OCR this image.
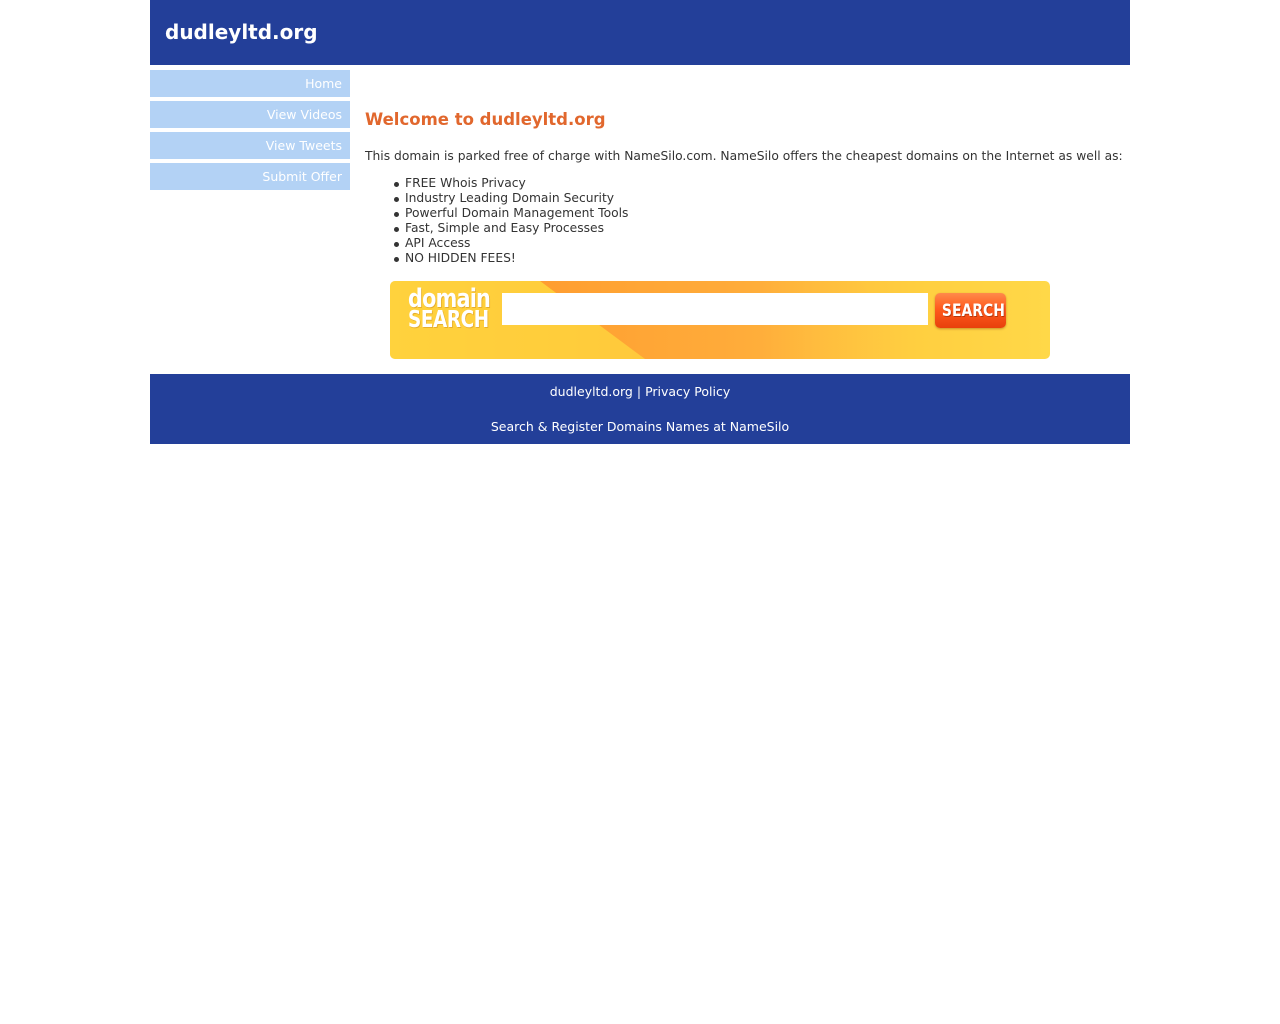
dudleyltd.org
Home
View Videos
View Tweets
Submit Offer
Welcome to dudleyltd.org

This domain is parked free of charge with NameSilo.com. NameSilo offers the cheapest domains on the Internet as well as:

FREE Whois Privacy
Industry Leading Domain Security
Powerful Domain Management Tools
Fast, Simple and Easy Processes
API Access
NO HIDDEN FEES!
domain
SEARCH	SEARCH
dudleyltd.org | Privacy Policy
Search & Register Domains Names at NameSilo
